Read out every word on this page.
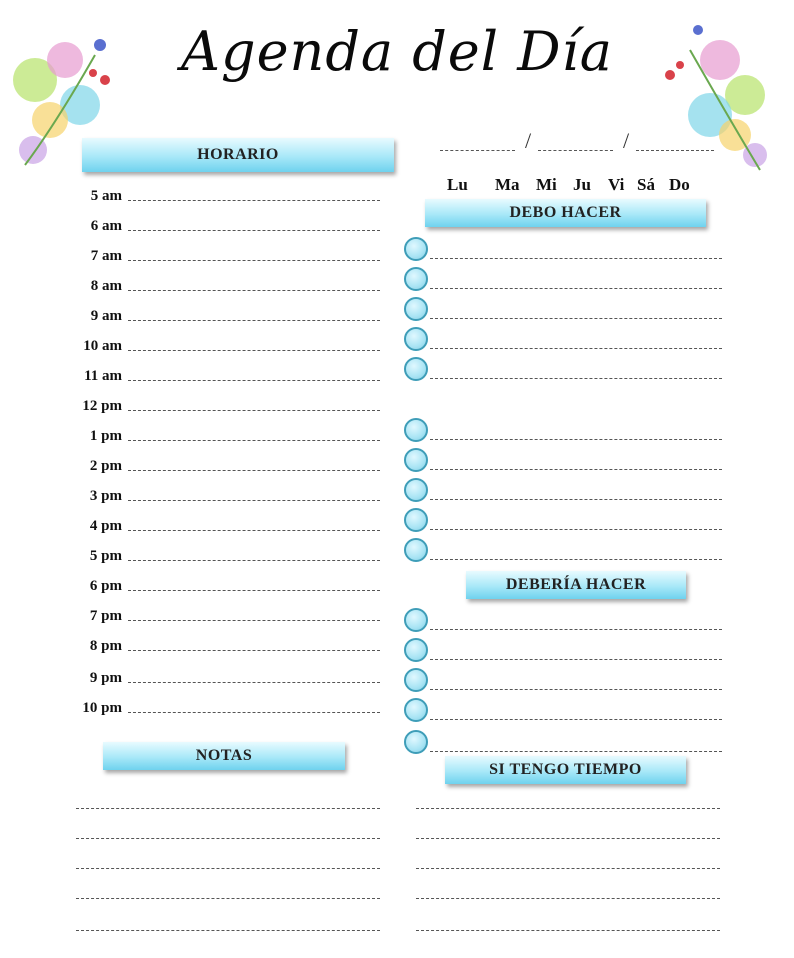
Agenda del Día
/	/
Lu Ma Mi Ju Vi Sá Do
HORARIO
DEBO HACER
DEBERÍA HACER
NOTAS
SI TENGO TIEMPO
5 am
6 am
7 am
8 am
9 am
10 am
11 am
12 pm
1 pm
2 pm
3 pm
4 pm
5 pm
6 pm
7 pm
8 pm
9 pm
10 pm
